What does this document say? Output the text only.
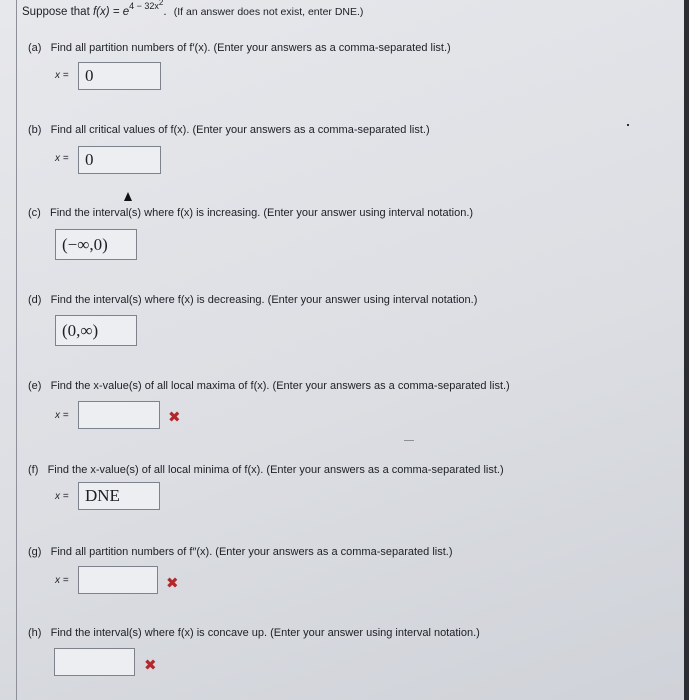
Suppose that $f(x) = e^{4 - 32x2}$. (If an answer does not exist, enter DNE.)
(a) Find all partition numbers of f′(x). (Enter your answers as a comma-separated list.)
x = 0
(b) Find all critical values of f(x). (Enter your answers as a comma-separated list.)
x = 0
(c) Find the interval(s) where f(x) is increasing. (Enter your answer using interval notation.)
(−∞,0)
(d) Find the interval(s) where f(x) is decreasing. (Enter your answer using interval notation.)
(0,∞)
(e) Find the x-value(s) of all local maxima of f(x). (Enter your answers as a comma-separated list.)
x =	✖
(f) Find the x-value(s) of all local minima of f(x). (Enter your answers as a comma-separated list.)
x = DNE
(g) Find all partition numbers of f″(x). (Enter your answers as a comma-separated list.)
x =	✖
(h) Find the interval(s) where f(x) is concave up. (Enter your answer using interval notation.)
✖
